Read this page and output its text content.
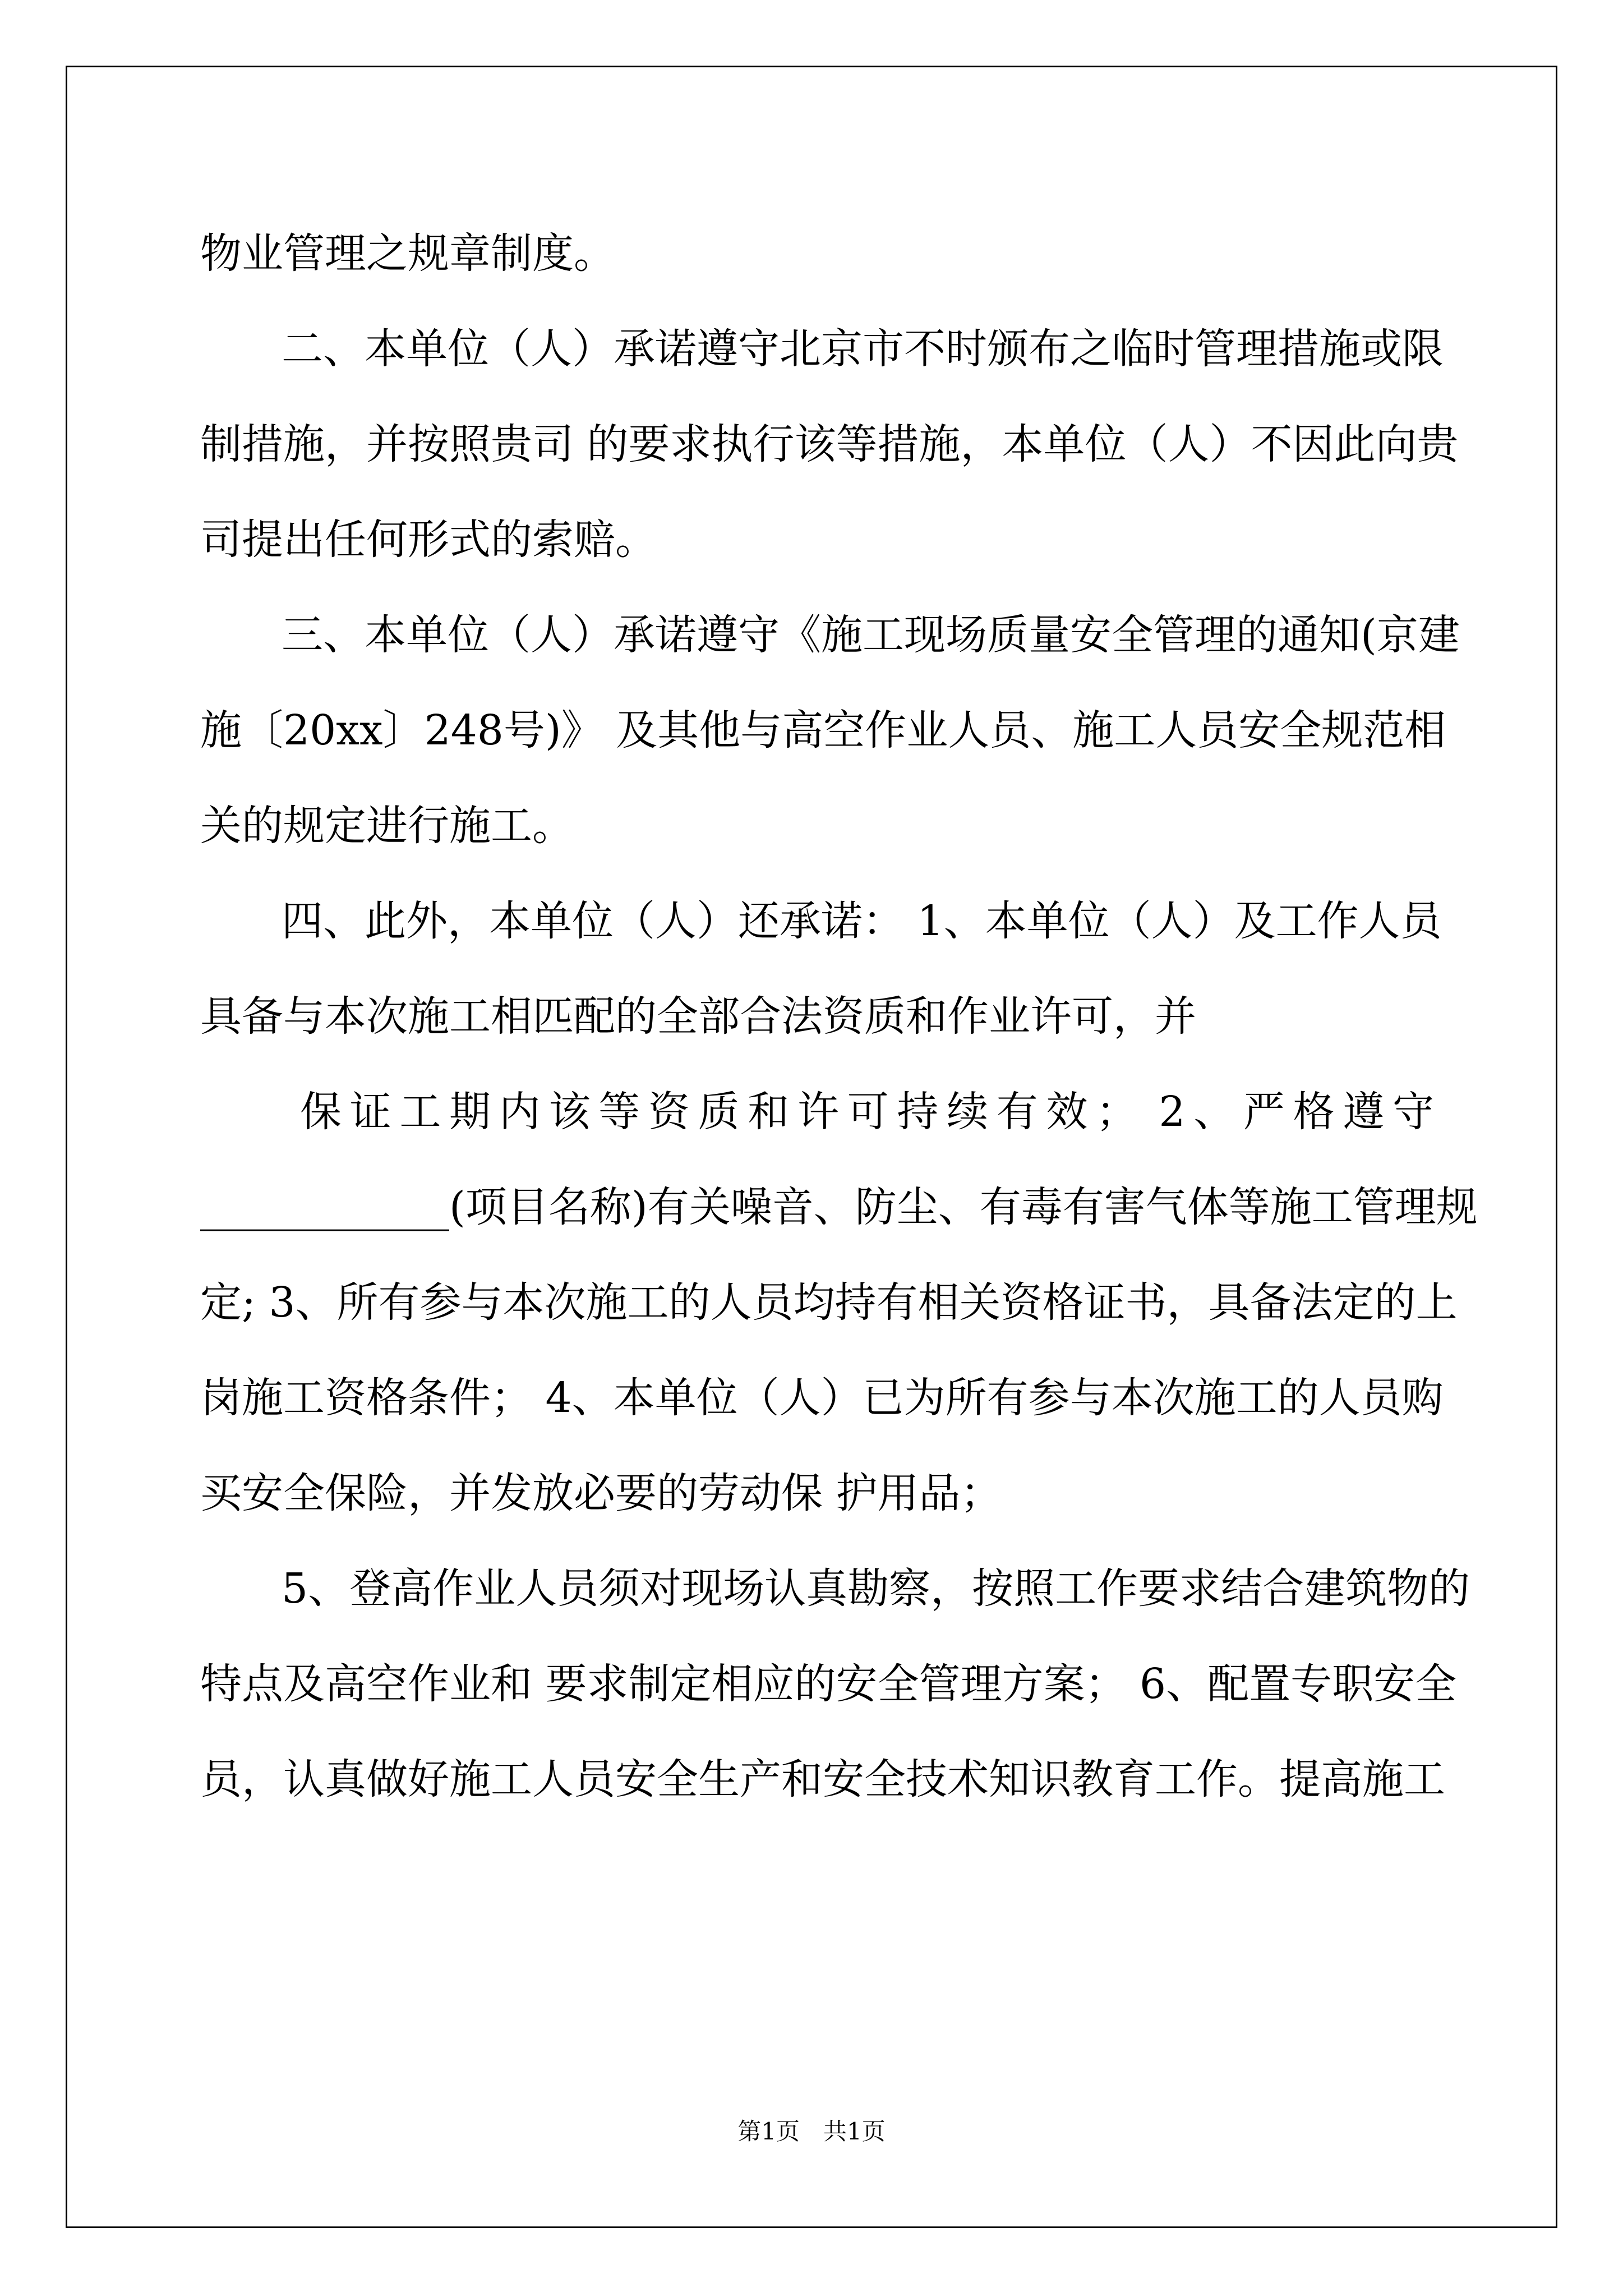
物业管理之规章制度。
二、本单位（人）承诺遵守北京市不时颁布之临时管理措施或限
制措施，并按照贵司 的要求执行该等措施，本单位（人）不因此向贵
司提出任何形式的索赔。
三、本单位（人）承诺遵守《施工现场质量安全管理的通知(京建
施〔20xx〕248号)》 及其他与高空作业人员、施工人员安全规范相
关的规定进行施工。
四、此外，本单位（人）还承诺： 1、本单位（人）及工作人员
具备与本次施工相匹配的全部合法资质和作业许可，并
保证工期内该等资质和许可持续有效； 2、严格遵守
____________(项目名称)有关噪音、防尘、有毒有害气体等施工管理规
定; 3、所有参与本次施工的人员均持有相关资格证书，具备法定的上
岗施工资格条件； 4、本单位（人）已为所有参与本次施工的人员购
买安全保险，并发放必要的劳动保 护用品；
5、登高作业人员须对现场认真勘察，按照工作要求结合建筑物的
特点及高空作业和 要求制定相应的安全管理方案； 6、配置专职安全
员，认真做好施工人员安全生产和安全技术知识教育工作。提高施工
第1页　共1页
